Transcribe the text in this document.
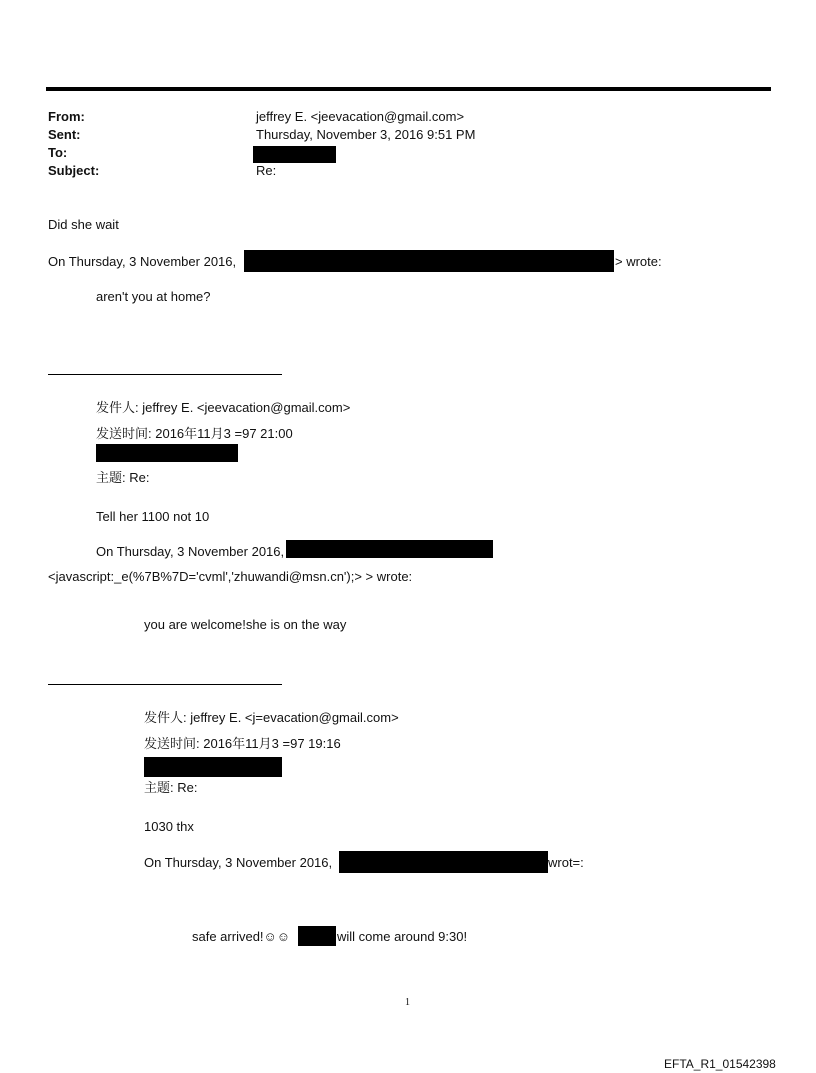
From:	jeffrey E. <jeevacation@gmail.com>
Sent:	Thursday, November 3, 2016 9:51 PM
To:
Subject:	Re:
Did she wait
On Thursday, 3 November 2016,	> wrote:
aren't you at home?
发件人: jeffrey E. <jeevacation@gmail.com>
发送时间: 2016年11月3 =97 21:00
主题: Re:
Tell her 1100 not 10
On Thursday, 3 November 2016,
<javascript:_e(%7B%7D='cvml','zhuwandi@msn.cn');> > wrote:
you are welcome!she is on the way
发件人: jeffrey E. <j=evacation@gmail.com>
发送时间: 2016年11月3 =97 19:16
主题: Re:
1030 thx
On Thursday, 3 November 2016,	wrot=:
safe arrived!☺☺	will come around 9:30!
1
EFTA_R1_01542398
